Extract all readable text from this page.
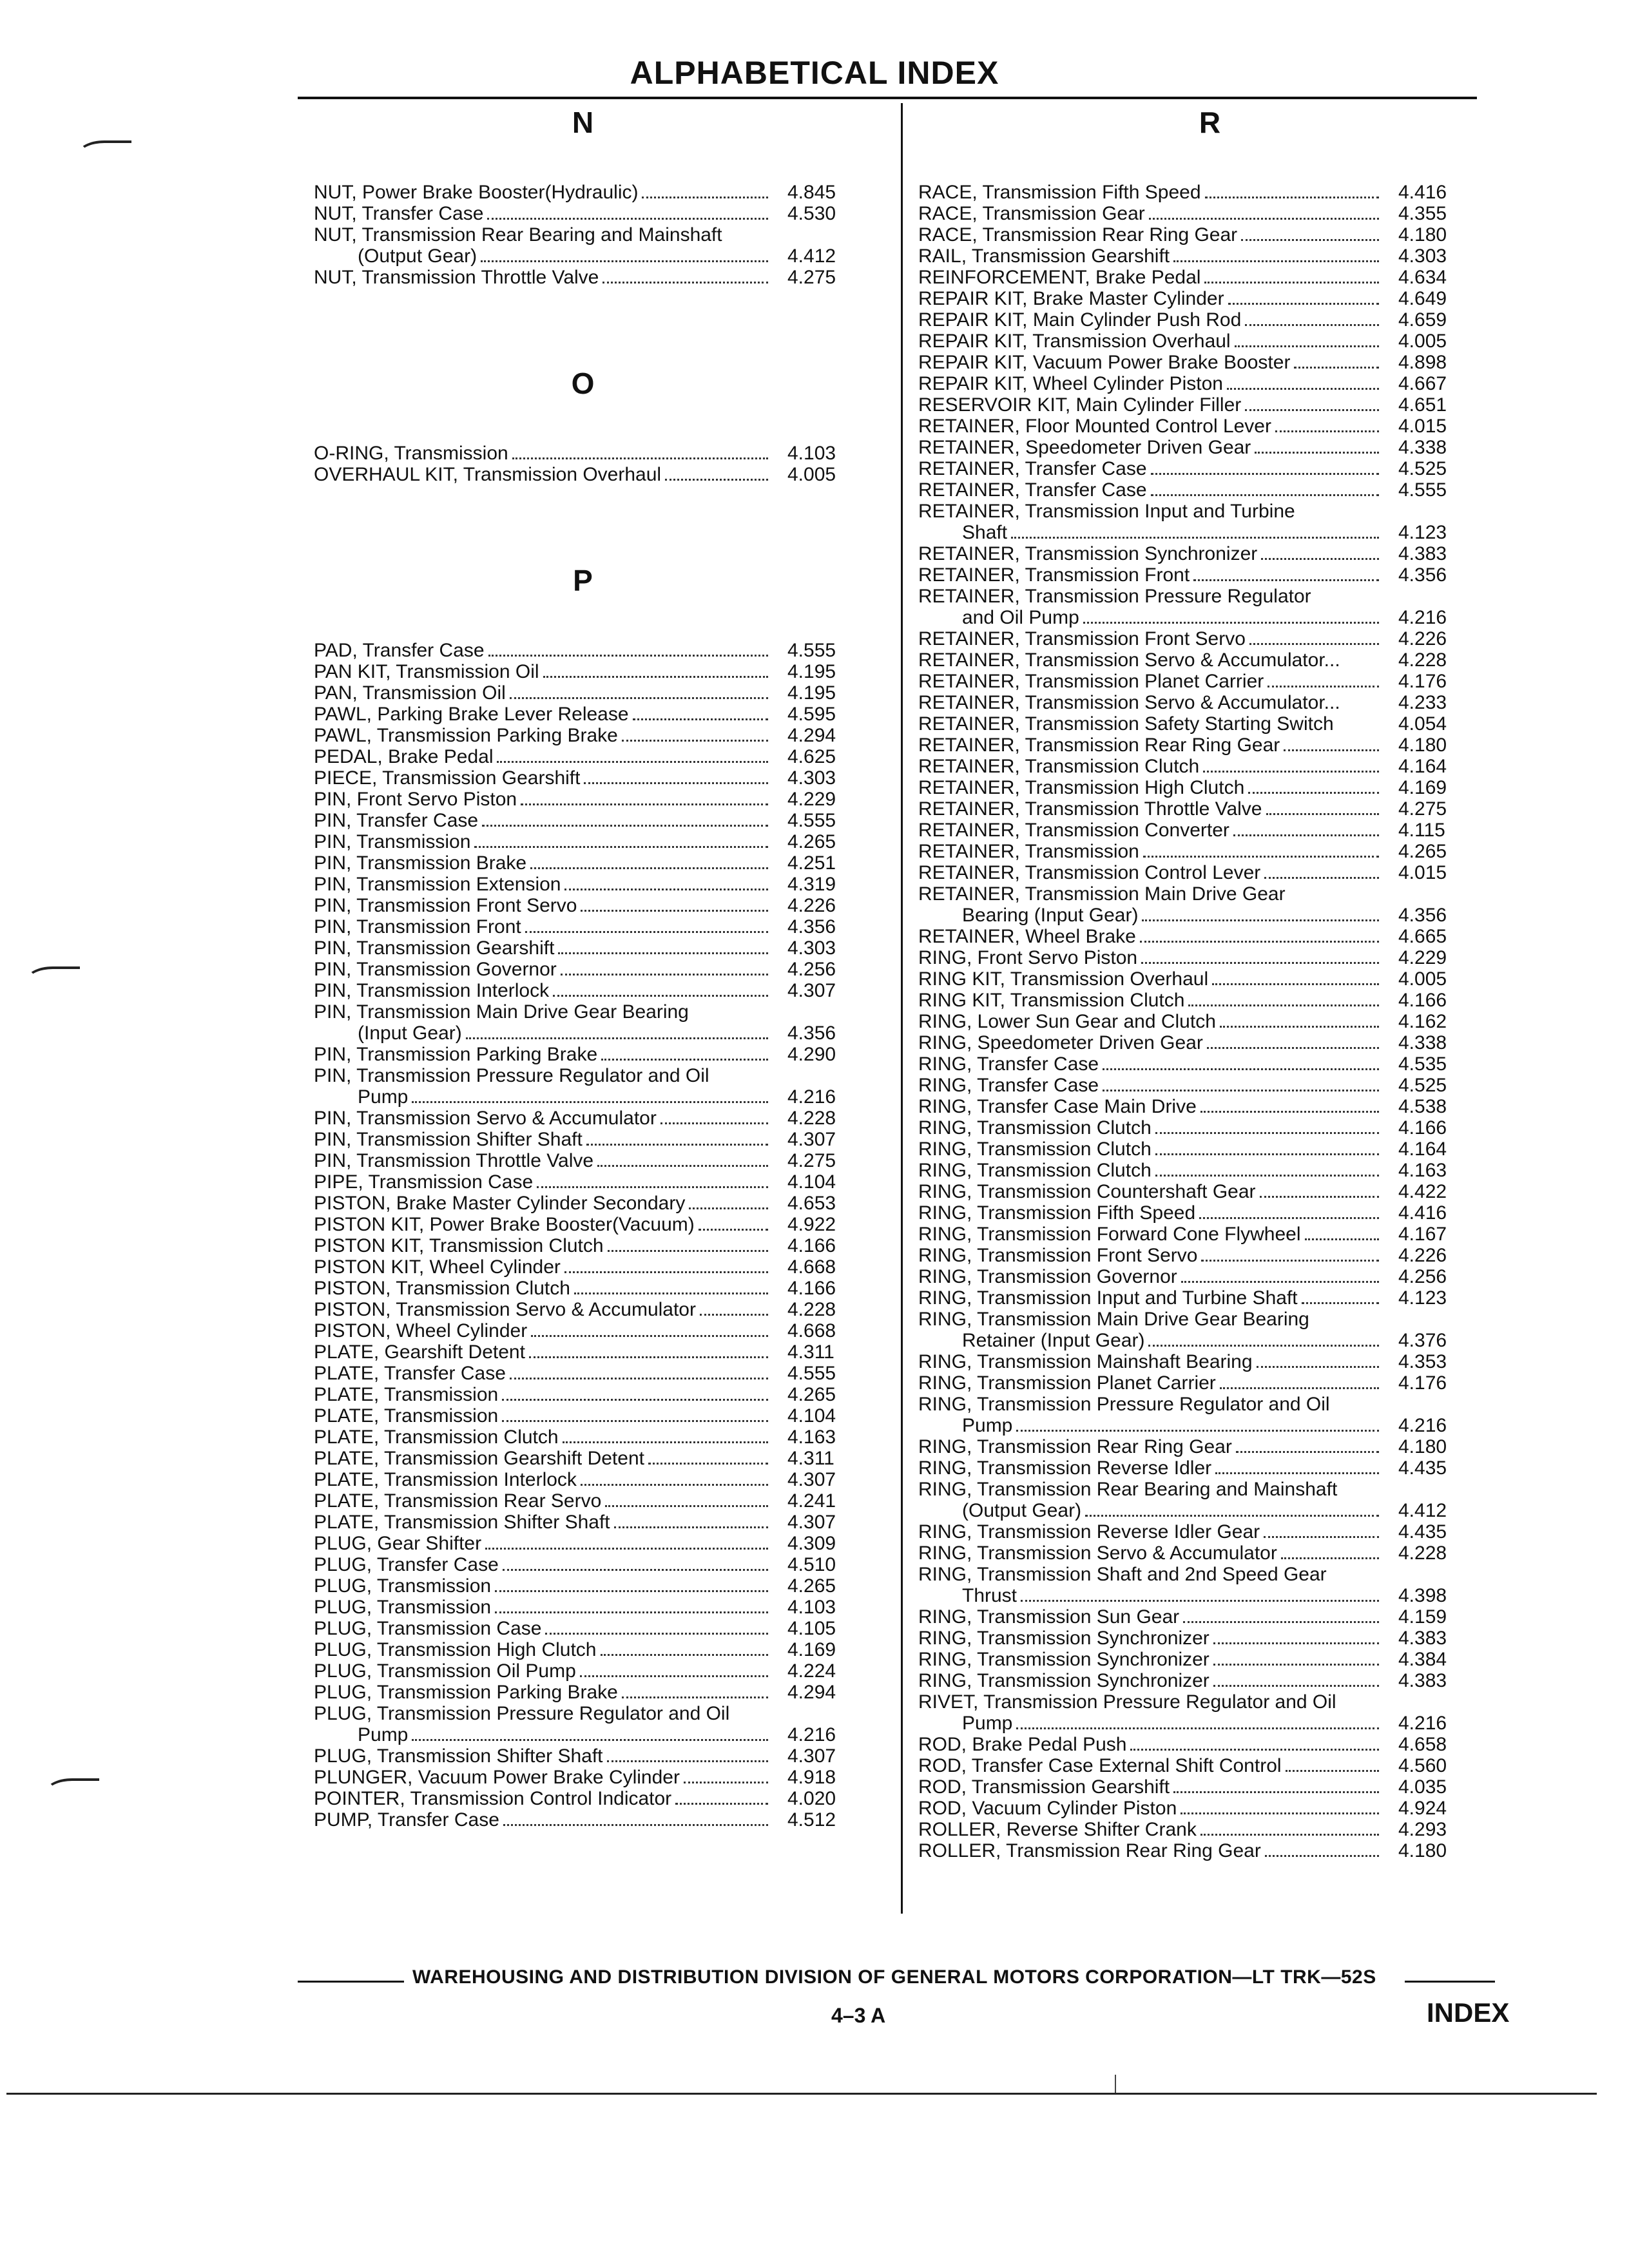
ALPHABETICAL INDEX
N
NUT, Power Brake Booster(Hydraulic)	4.845
NUT, Transfer Case	4.530
NUT, Transmission Rear Bearing and Mainshaft
(Output Gear)	4.412
NUT, Transmission Throttle Valve	4.275
O
O-RING, Transmission	4.103
OVERHAUL KIT, Transmission Overhaul	4.005
P
PAD, Transfer Case	4.555
PAN KIT, Transmission Oil	4.195
PAN, Transmission Oil	4.195
PAWL, Parking Brake Lever Release	4.595
PAWL, Transmission Parking Brake	4.294
PEDAL, Brake Pedal	4.625
PIECE, Transmission Gearshift	4.303
PIN, Front Servo Piston	4.229
PIN, Transfer Case	4.555
PIN, Transmission	4.265
PIN, Transmission Brake	4.251
PIN, Transmission Extension	4.319
PIN, Transmission Front Servo	4.226
PIN, Transmission Front	4.356
PIN, Transmission Gearshift	4.303
PIN, Transmission Governor	4.256
PIN, Transmission Interlock	4.307
PIN, Transmission Main Drive Gear Bearing
(Input Gear)	4.356
PIN, Transmission Parking Brake	4.290
PIN, Transmission Pressure Regulator and Oil
Pump	4.216
PIN, Transmission Servo & Accumulator	4.228
PIN, Transmission Shifter Shaft	4.307
PIN, Transmission Throttle Valve	4.275
PIPE, Transmission Case	4.104
PISTON, Brake Master Cylinder Secondary	4.653
PISTON KIT, Power Brake Booster(Vacuum)	4.922
PISTON KIT, Transmission Clutch	4.166
PISTON KIT, Wheel Cylinder	4.668
PISTON, Transmission Clutch	4.166
PISTON, Transmission Servo & Accumulator	4.228
PISTON, Wheel Cylinder	4.668
PLATE, Gearshift Detent	4.311
PLATE, Transfer Case	4.555
PLATE, Transmission	4.265
PLATE, Transmission	4.104
PLATE, Transmission Clutch	4.163
PLATE, Transmission Gearshift Detent	4.311
PLATE, Transmission Interlock	4.307
PLATE, Transmission Rear Servo	4.241
PLATE, Transmission Shifter Shaft	4.307
PLUG, Gear Shifter	4.309
PLUG, Transfer Case	4.510
PLUG, Transmission	4.265
PLUG, Transmission	4.103
PLUG, Transmission Case	4.105
PLUG, Transmission High Clutch	4.169
PLUG, Transmission Oil Pump	4.224
PLUG, Transmission Parking Brake	4.294
PLUG, Transmission Pressure Regulator and Oil
Pump	4.216
PLUG, Transmission Shifter Shaft	4.307
PLUNGER, Vacuum Power Brake Cylinder	4.918
POINTER, Transmission Control Indicator	4.020
PUMP, Transfer Case	4.512
R
RACE, Transmission Fifth Speed	4.416
RACE, Transmission Gear	4.355
RACE, Transmission Rear Ring Gear	4.180
RAIL, Transmission Gearshift	4.303
REINFORCEMENT, Brake Pedal	4.634
REPAIR KIT, Brake Master Cylinder	4.649
REPAIR KIT, Main Cylinder Push Rod	4.659
REPAIR KIT, Transmission Overhaul	4.005
REPAIR KIT, Vacuum Power Brake Booster	4.898
REPAIR KIT, Wheel Cylinder Piston	4.667
RESERVOIR KIT, Main Cylinder Filler	4.651
RETAINER, Floor Mounted Control Lever	4.015
RETAINER, Speedometer Driven Gear	4.338
RETAINER, Transfer Case	4.525
RETAINER, Transfer Case	4.555
RETAINER, Transmission Input and Turbine
Shaft	4.123
RETAINER, Transmission Synchronizer	4.383
RETAINER, Transmission Front	4.356
RETAINER, Transmission Pressure Regulator
and Oil Pump	4.216
RETAINER, Transmission Front Servo	4.226
RETAINER, Transmission Servo & Accumulator...	4.228
RETAINER, Transmission Planet Carrier	4.176
RETAINER, Transmission Servo & Accumulator...	4.233
RETAINER, Transmission Safety Starting Switch	4.054
RETAINER, Transmission Rear Ring Gear	4.180
RETAINER, Transmission Clutch	4.164
RETAINER, Transmission High Clutch	4.169
RETAINER, Transmission Throttle Valve	4.275
RETAINER, Transmission Converter	4.115
RETAINER, Transmission	4.265
RETAINER, Transmission Control Lever	4.015
RETAINER, Transmission Main Drive Gear
Bearing (Input Gear)	4.356
RETAINER, Wheel Brake	4.665
RING, Front Servo Piston	4.229
RING KIT, Transmission Overhaul	4.005
RING KIT, Transmission Clutch	4.166
RING, Lower Sun Gear and Clutch	4.162
RING, Speedometer Driven Gear	4.338
RING, Transfer Case	4.535
RING, Transfer Case	4.525
RING, Transfer Case Main Drive	4.538
RING, Transmission Clutch	4.166
RING, Transmission Clutch	4.164
RING, Transmission Clutch	4.163
RING, Transmission Countershaft Gear	4.422
RING, Transmission Fifth Speed	4.416
RING, Transmission Forward Cone Flywheel	4.167
RING, Transmission Front Servo	4.226
RING, Transmission Governor	4.256
RING, Transmission Input and Turbine Shaft	4.123
RING, Transmission Main Drive Gear Bearing
Retainer (Input Gear)	4.376
RING, Transmission Mainshaft Bearing	4.353
RING, Transmission Planet Carrier	4.176
RING, Transmission Pressure Regulator and Oil
Pump	4.216
RING, Transmission Rear Ring Gear	4.180
RING, Transmission Reverse Idler	4.435
RING, Transmission Rear Bearing and Mainshaft
(Output Gear)	4.412
RING, Transmission Reverse Idler Gear	4.435
RING, Transmission Servo & Accumulator	4.228
RING, Transmission Shaft and 2nd Speed Gear
Thrust	4.398
RING, Transmission Sun Gear	4.159
RING, Transmission Synchronizer	4.383
RING, Transmission Synchronizer	4.384
RING, Transmission Synchronizer	4.383
RIVET, Transmission Pressure Regulator and Oil
Pump	4.216
ROD, Brake Pedal Push	4.658
ROD, Transfer Case External Shift Control	4.560
ROD, Transmission Gearshift	4.035
ROD, Vacuum Cylinder Piston	4.924
ROLLER, Reverse Shifter Crank	4.293
ROLLER, Transmission Rear Ring Gear	4.180
WAREHOUSING AND DISTRIBUTION DIVISION OF GENERAL MOTORS CORPORATION—LT TRK—52S
4–3 A	INDEX
